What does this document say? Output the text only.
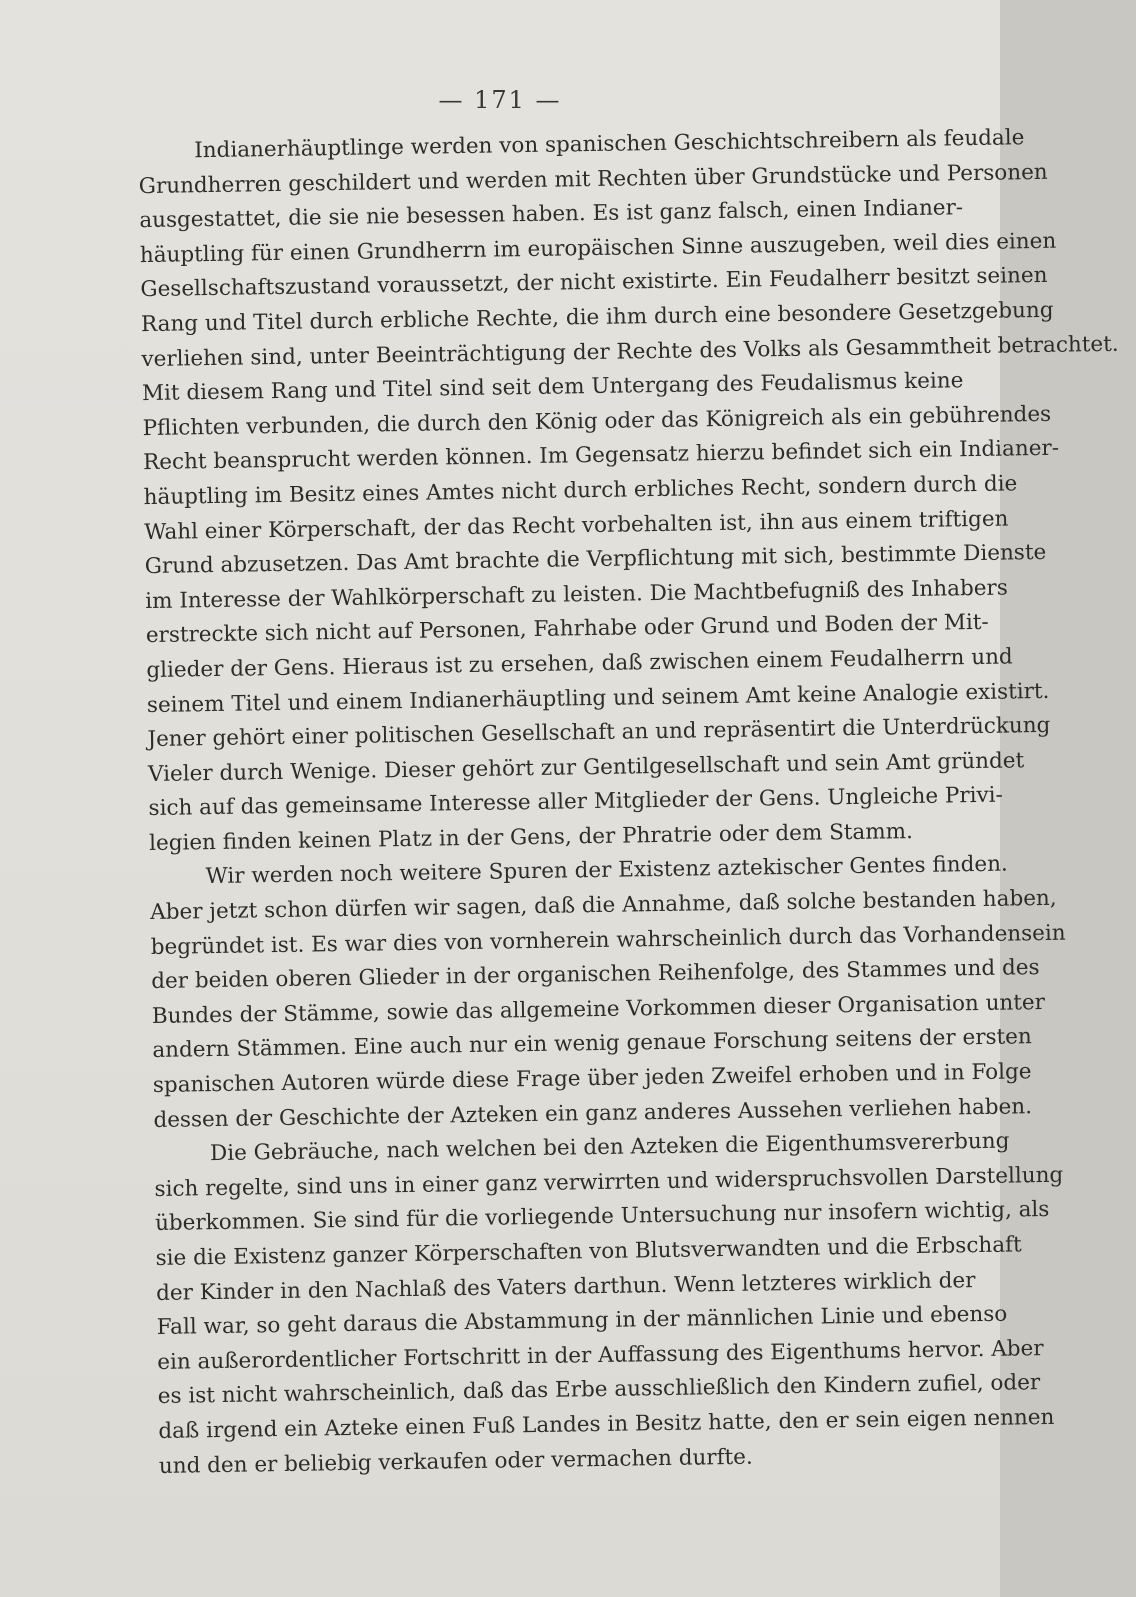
— 171 —

Indianerhäuptlinge werden von spanischen Geschichtschreibern als feudale
Grundherren geschildert und werden mit Rechten über Grundstücke und Personen
ausgestattet, die sie nie besessen haben. Es ist ganz falsch, einen Indianer-
häuptling für einen Grundherrn im europäischen Sinne auszugeben, weil dies einen
Gesellschaftszustand voraussetzt, der nicht existirte. Ein Feudalherr besitzt seinen
Rang und Titel durch erbliche Rechte, die ihm durch eine besondere Gesetzgebung
verliehen sind, unter Beeinträchtigung der Rechte des Volks als Gesammtheit betrachtet.
Mit diesem Rang und Titel sind seit dem Untergang des Feudalismus keine
Pflichten verbunden, die durch den König oder das Königreich als ein gebührendes
Recht beansprucht werden können. Im Gegensatz hierzu befindet sich ein Indianer-
häuptling im Besitz eines Amtes nicht durch erbliches Recht, sondern durch die
Wahl einer Körperschaft, der das Recht vorbehalten ist, ihn aus einem triftigen
Grund abzusetzen. Das Amt brachte die Verpflichtung mit sich, bestimmte Dienste
im Interesse der Wahlkörperschaft zu leisten. Die Machtbefugniß des Inhabers
erstreckte sich nicht auf Personen, Fahrhabe oder Grund und Boden der Mit-
glieder der Gens. Hieraus ist zu ersehen, daß zwischen einem Feudalherrn und
seinem Titel und einem Indianerhäuptling und seinem Amt keine Analogie existirt.
Jener gehört einer politischen Gesellschaft an und repräsentirt die Unterdrückung
Vieler durch Wenige. Dieser gehört zur Gentilgesellschaft und sein Amt gründet
sich auf das gemeinsame Interesse aller Mitglieder der Gens. Ungleiche Privi-
legien finden keinen Platz in der Gens, der Phratrie oder dem Stamm.

Wir werden noch weitere Spuren der Existenz aztekischer Gentes finden.
Aber jetzt schon dürfen wir sagen, daß die Annahme, daß solche bestanden haben,
begründet ist. Es war dies von vornherein wahrscheinlich durch das Vorhandensein
der beiden oberen Glieder in der organischen Reihenfolge, des Stammes und des
Bundes der Stämme, sowie das allgemeine Vorkommen dieser Organisation unter
andern Stämmen. Eine auch nur ein wenig genaue Forschung seitens der ersten
spanischen Autoren würde diese Frage über jeden Zweifel erhoben und in Folge
dessen der Geschichte der Azteken ein ganz anderes Aussehen verliehen haben.

Die Gebräuche, nach welchen bei den Azteken die Eigenthumsvererbung
sich regelte, sind uns in einer ganz verwirrten und widerspruchsvollen Darstellung
überkommen. Sie sind für die vorliegende Untersuchung nur insofern wichtig, als
sie die Existenz ganzer Körperschaften von Blutsverwandten und die Erbschaft
der Kinder in den Nachlaß des Vaters darthun. Wenn letzteres wirklich der
Fall war, so geht daraus die Abstammung in der männlichen Linie und ebenso
ein außerordentlicher Fortschritt in der Auffassung des Eigenthums hervor. Aber
es ist nicht wahrscheinlich, daß das Erbe ausschließlich den Kindern zufiel, oder
daß irgend ein Azteke einen Fuß Landes in Besitz hatte, den er sein eigen nennen
und den er beliebig verkaufen oder vermachen durfte.
